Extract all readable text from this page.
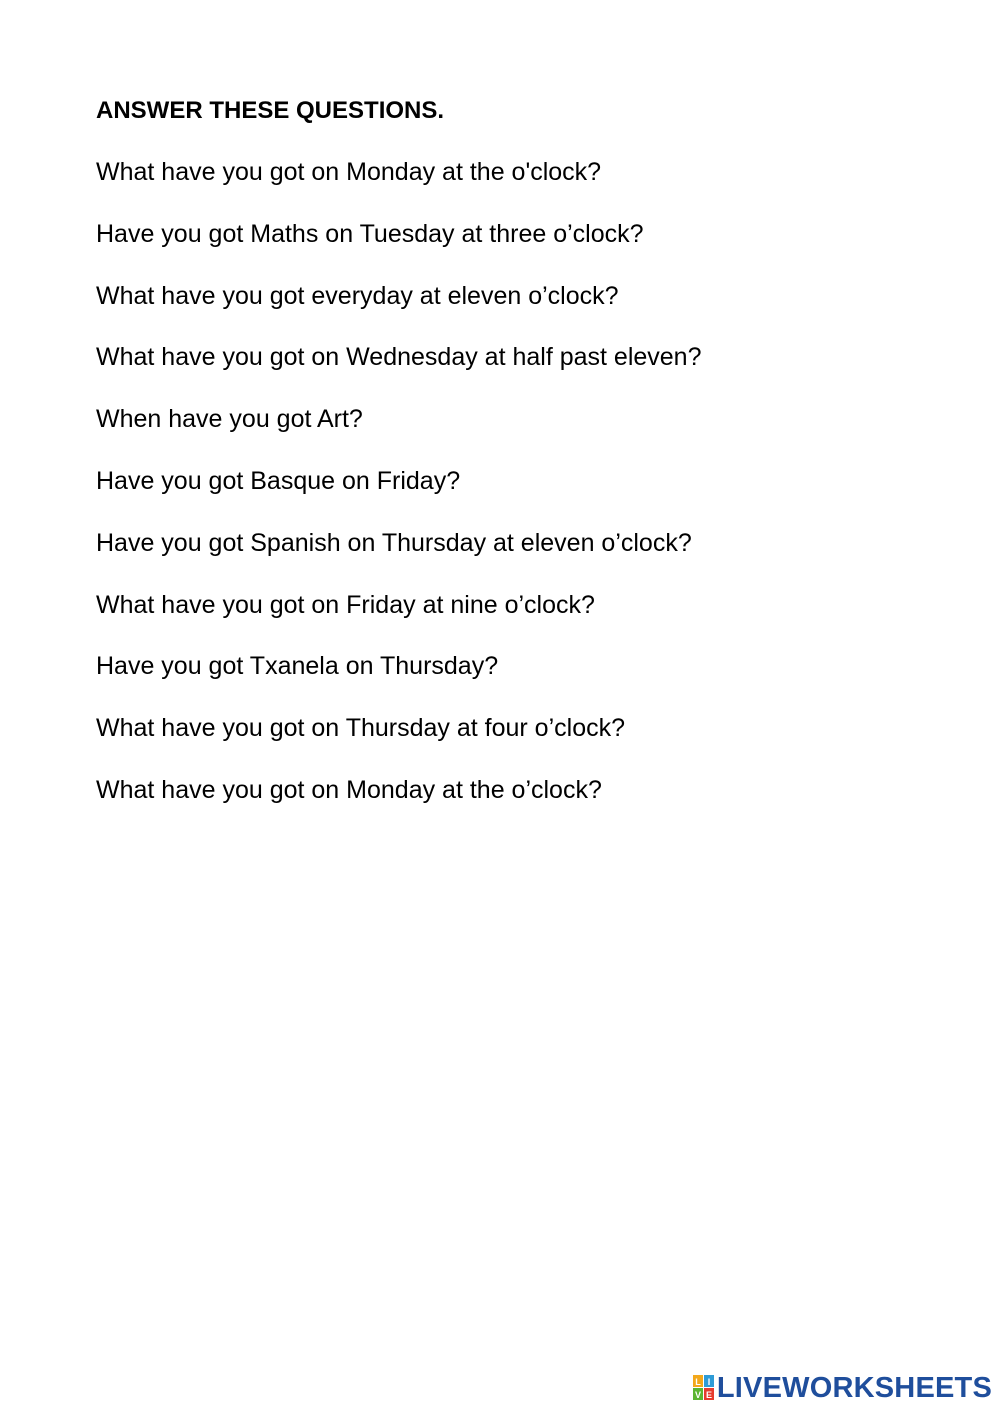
ANSWER THESE QUESTIONS.
What have you got on Monday at the o'clock?
Have you got Maths on Tuesday at three o’clock?
What have you got everyday at eleven o’clock?
What have you got on Wednesday at half past eleven?
When have you got Art?
Have you got Basque on Friday?
Have you got Spanish on Thursday at eleven o’clock?
What have you got on Friday at nine o’clock?
Have you got Txanela on Thursday?
What have you got on Thursday at four o’clock?
What have you got on Monday at the o’clock?
L I
V E LIVEWORKSHEETS
